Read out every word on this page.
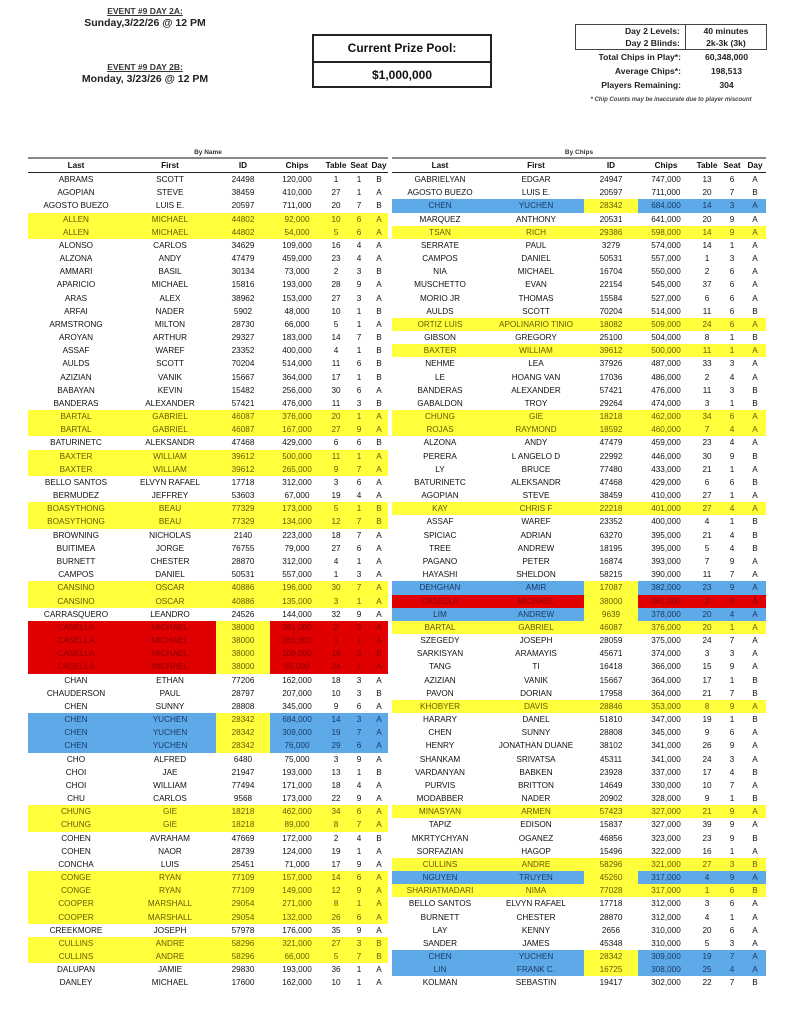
EVENT #9 DAY 2A:
Sunday,3/22/26 @ 12 PM
EVENT #9 DAY 2B:
Monday, 3/23/26 @ 12 PM
Current Prize Pool:
$1,000,000
Day 2 Levels:	40 minutes
Day 2 Blinds:	2k-3k (3k)
Total Chips in Play*:	60,348,000
Average Chips*:	198,513
Players Remaining:	304
* Chip Counts may be inaccurate due to player miscount
By Name
Last	First	ID	Chips	Table Seat Day
ABRAMS	SCOTT	24498	120,000	1	1	B
AGOPIAN	STEVE	38459	410,000	27	1	A
AGOSTO BUEZO	LUIS E.	20597	711,000	20	7	B
ALLEN	MICHAEL	44802	92,000	10	6	A
ALLEN	MICHAEL	44802	54,000	5	6	A
ALONSO	CARLOS	34629	109,000	16	4	A
ALZONA	ANDY	47479	459,000	23	4	A
AMMARI	BASIL	30134	73,000	2	3	B
APARICIO	MICHAEL	15816	193,000	28	9	A
ARAS	ALEX	38962	153,000	27	3	A
ARFAI	NADER	5902	48,000	10	1	B
ARMSTRONG	MILTON	28730	66,000	5	1	A
AROYAN	ARTHUR	29327	183,000	14	7	B
ASSAF	WAREF	23352	400,000	4	1	B
AULDS	SCOTT	70204	514,000	11	6	B
AZIZIAN	VANIK	15667	364,000	17	1	B
BABAYAN	KEVIN	15482	256,000	30	6	A
BANDERAS	ALEXANDER	57421	476,000	11	3	B
BARTAL	GABRIEL	46087	376,000	20	1	A
BARTAL	GABRIEL	46087	167,000	27	9	A
BATURINETC	ALEKSANDR	47468	429,000	6	6	B
BAXTER	WILLIAM	39612	500,000	11	1	A
BAXTER	WILLIAM	39612	265,000	9	7	A
BELLO SANTOS	ELVYN RAFAEL	17718	312,000	3	6	A
BERMUDEZ	JEFFREY	53603	67,000	19	4	A
BOASYTHONG	BEAU	77329	173,000	5	1	B
BOASYTHONG	BEAU	77329	134,000	12	7	B
BROWNING	NICHOLAS	2140	223,000	18	7	A
BUITIMEA	JORGE	76755	79,000	27	6	A
BURNETT	CHESTER	28870	312,000	4	1	A
CAMPOS	DANIEL	50531	557,000	1	3	A
CANSINO	OSCAR	40886	196,000	30	7	A
CANSINO	OSCAR	40886	135,000	3	1	A
CARRASQUERO	LEANDRO	24526	144,000	32	9	A
CASELLA	MICHAEL	38000	381,000	2	9	A
CASELLA	MICHAEL	38000	265,000	1	1	A
CASELLA	MICHAEL	38000	109,000	18	3	B
CASELLA	MICHAEL	38000	55,000	24	1	A
CHAN	ETHAN	77206	162,000	18	3	A
CHAUDERSON	PAUL	28797	207,000	10	3	B
CHEN	SUNNY	28808	345,000	9	6	A
CHEN	YUCHEN	28342	684,000	14	3	A
CHEN	YUCHEN	28342	309,000	19	7	A
CHEN	YUCHEN	28342	76,000	29	6	A
CHO	ALFRED	6480	75,000	3	9	A
CHOI	JAE	21947	193,000	13	1	B
CHOI	WILLIAM	77494	171,000	18	4	A
CHU	CARLOS	9568	173,000	22	9	A
CHUNG	GIE	18218	462,000	34	6	A
CHUNG	GIE	18218	89,000	8	7	A
COHEN	AVRAHAM	47669	172,000	2	4	B
COHEN	NAOR	28739	124,000	19	1	A
CONCHA	LUIS	25451	71,000	17	9	A
CONGE	RYAN	77109	157,000	14	6	A
CONGE	RYAN	77109	149,000	12	9	A
COOPER	MARSHALL	29054	271,000	8	1	A
COOPER	MARSHALL	29054	132,000	26	6	A
CREEKMORE	JOSEPH	57978	176,000	35	9	A
CULLINS	ANDRE	58296	321,000	27	3	B
CULLINS	ANDRE	58296	66,000	5	7	B
DALUPAN	JAMIE	29830	193,000	36	1	A
DANLEY	MICHAEL	17600	162,000	10	1	A
By Chips
Last	First	ID	Chips	Table Seat Day
GABRIELYAN	EDGAR	24947	747,000	13	6	A
AGOSTO BUEZO	LUIS E.	20597	711,000	20	7	B
CHEN	YUCHEN	28342	684,000	14	3	A
MARQUEZ	ANTHONY	20531	641,000	20	9	A
TSAN	RICH	29386	598,000	14	9	A
SERRATE	PAUL	3279	574,000	14	1	A
CAMPOS	DANIEL	50531	557,000	1	3	A
NIA	MICHAEL	16704	550,000	2	6	A
MUSCHETTO	EVAN	22154	545,000	37	6	A
MORIO JR	THOMAS	15584	527,000	6	6	A
AULDS	SCOTT	70204	514,000	11	6	B
ORTIZ LUIS	APOLINARIO TINIO	18082	509,000	24	6	A
GIBSON	GREGORY	25100	504,000	8	1	B
BAXTER	WILLIAM	39612	500,000	11	1	A
NEHME	LEA	37926	487,000	33	3	A
LE	HOANG VAN	17036	486,000	2	4	A
BANDERAS	ALEXANDER	57421	476,000	11	3	B
GABALDON	TROY	29264	474,000	3	1	B
CHUNG	GIE	18218	462,000	34	6	A
ROJAS	RAYMOND	18592	460,000	7	4	A
ALZONA	ANDY	47479	459,000	23	4	A
PERERA	L ANGELO D	22992	446,000	30	9	B
LY	BRUCE	77480	433,000	21	1	A
BATURINETC	ALEKSANDR	47468	429,000	6	6	B
AGOPIAN	STEVE	38459	410,000	27	1	A
KAY	CHRIS F	22218	401,000	27	4	A
ASSAF	WAREF	23352	400,000	4	1	B
SPICIAC	ADRIAN	63270	395,000	21	4	B
TREE	ANDREW	18195	395,000	5	4	B
PAGANO	PETER	16874	393,000	7	9	A
HAYASHI	SHELDON	58215	390,000	11	7	A
DEHGHAN	AMIR	17087	382,000	23	9	A
CASELLA	MICHAEL	38000	381,000	2	9	A
LIM	ANDREW	9639	378,000	20	4	A
BARTAL	GABRIEL	46087	376,000	20	1	A
SZEGEDY	JOSEPH	28059	375,000	24	7	A
SARKISYAN	ARAMAYIS	45671	374,000	3	3	A
TANG	TI	16418	366,000	15	9	A
AZIZIAN	VANIK	15667	364,000	17	1	B
PAVON	DORIAN	17958	364,000	21	7	B
KHOBYER	DAVIS	28846	353,000	8	9	A
HARARY	DANEL	51810	347,000	19	1	B
CHEN	SUNNY	28808	345,000	9	6	A
HENRY	JONATHAN DUANE	38102	341,000	26	9	A
SHANKAM	SRIVATSA	45311	341,000	24	3	A
VARDANYAN	BABKEN	23928	337,000	17	4	B
PURVIS	BRITTON	14649	330,000	10	7	A
MODABBER	NADER	20902	328,000	9	1	B
MINASYAN	ARMEN	57423	327,000	21	9	A
TAPIZ	EDISON	15837	327,000	39	9	A
MKRTYCHYAN	OGANEZ	46856	323,000	23	9	B
SORFAZIAN	HAGOP	15496	322,000	16	1	A
CULLINS	ANDRE	58296	321,000	27	3	B
NGUYEN	TRUYEN	45260	317,000	4	9	A
SHARIATMADARI	NIMA	77028	317,000	1	6	B
BELLO SANTOS	ELVYN RAFAEL	17718	312,000	3	6	A
BURNETT	CHESTER	28870	312,000	4	1	A
LAY	KENNY	2656	310,000	20	6	A
SANDER	JAMES	45348	310,000	5	3	A
CHEN	YUCHEN	28342	309,000	19	7	A
LIN	FRANK C.	16725	308,000	25	4	A
KOLMAN	SEBASTIN	19417	302,000	22	7	B
